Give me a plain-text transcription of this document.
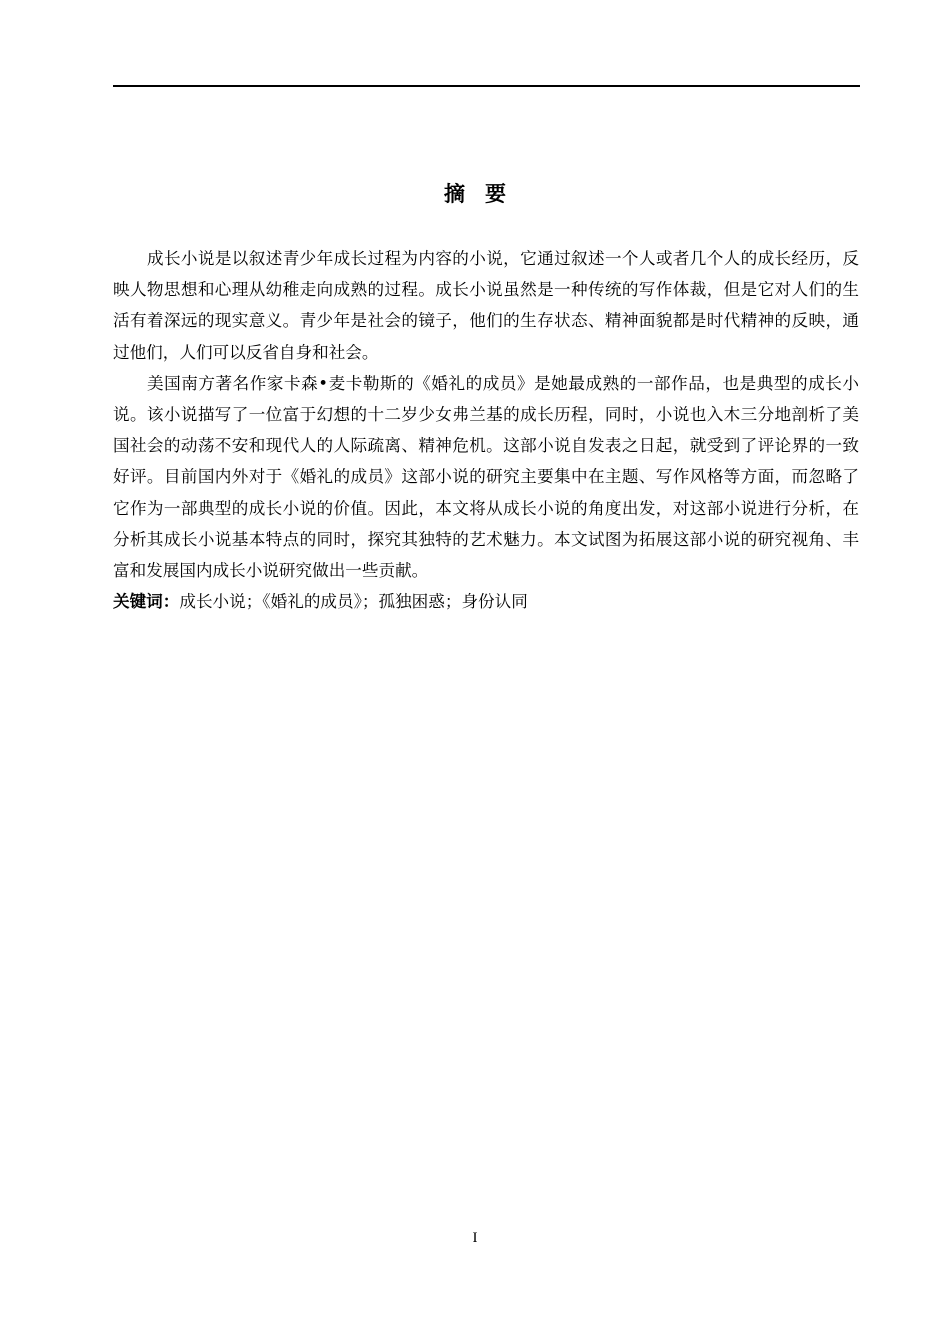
摘要

成长小说是以叙述青少年成长过程为内容的小说，它通过叙述一个人或者几个人的成长经历，反映人物思想和心理从幼稚走向成熟的过程。成长小说虽然是一种传统的写作体裁，但是它对人们的生活有着深远的现实意义。青少年是社会的镜子，他们的生存状态、精神面貌都是时代精神的反映，通过他们，人们可以反省自身和社会。

美国南方著名作家卡森•麦卡勒斯的《婚礼的成员》是她最成熟的一部作品，也是典型的成长小说。该小说描写了一位富于幻想的十二岁少女弗兰基的成长历程，同时，小说也入木三分地剖析了美国社会的动荡不安和现代人的人际疏离、精神危机。这部小说自发表之日起，就受到了评论界的一致好评。目前国内外对于《婚礼的成员》这部小说的研究主要集中在主题、写作风格等方面，而忽略了它作为一部典型的成长小说的价值。因此，本文将从成长小说的角度出发，对这部小说进行分析，在分析其成长小说基本特点的同时，探究其独特的艺术魅力。本文试图为拓展这部小说的研究视角、丰富和发展国内成长小说研究做出一些贡献。

关键词：成长小说；《婚礼的成员》；孤独困惑；身份认同

I
